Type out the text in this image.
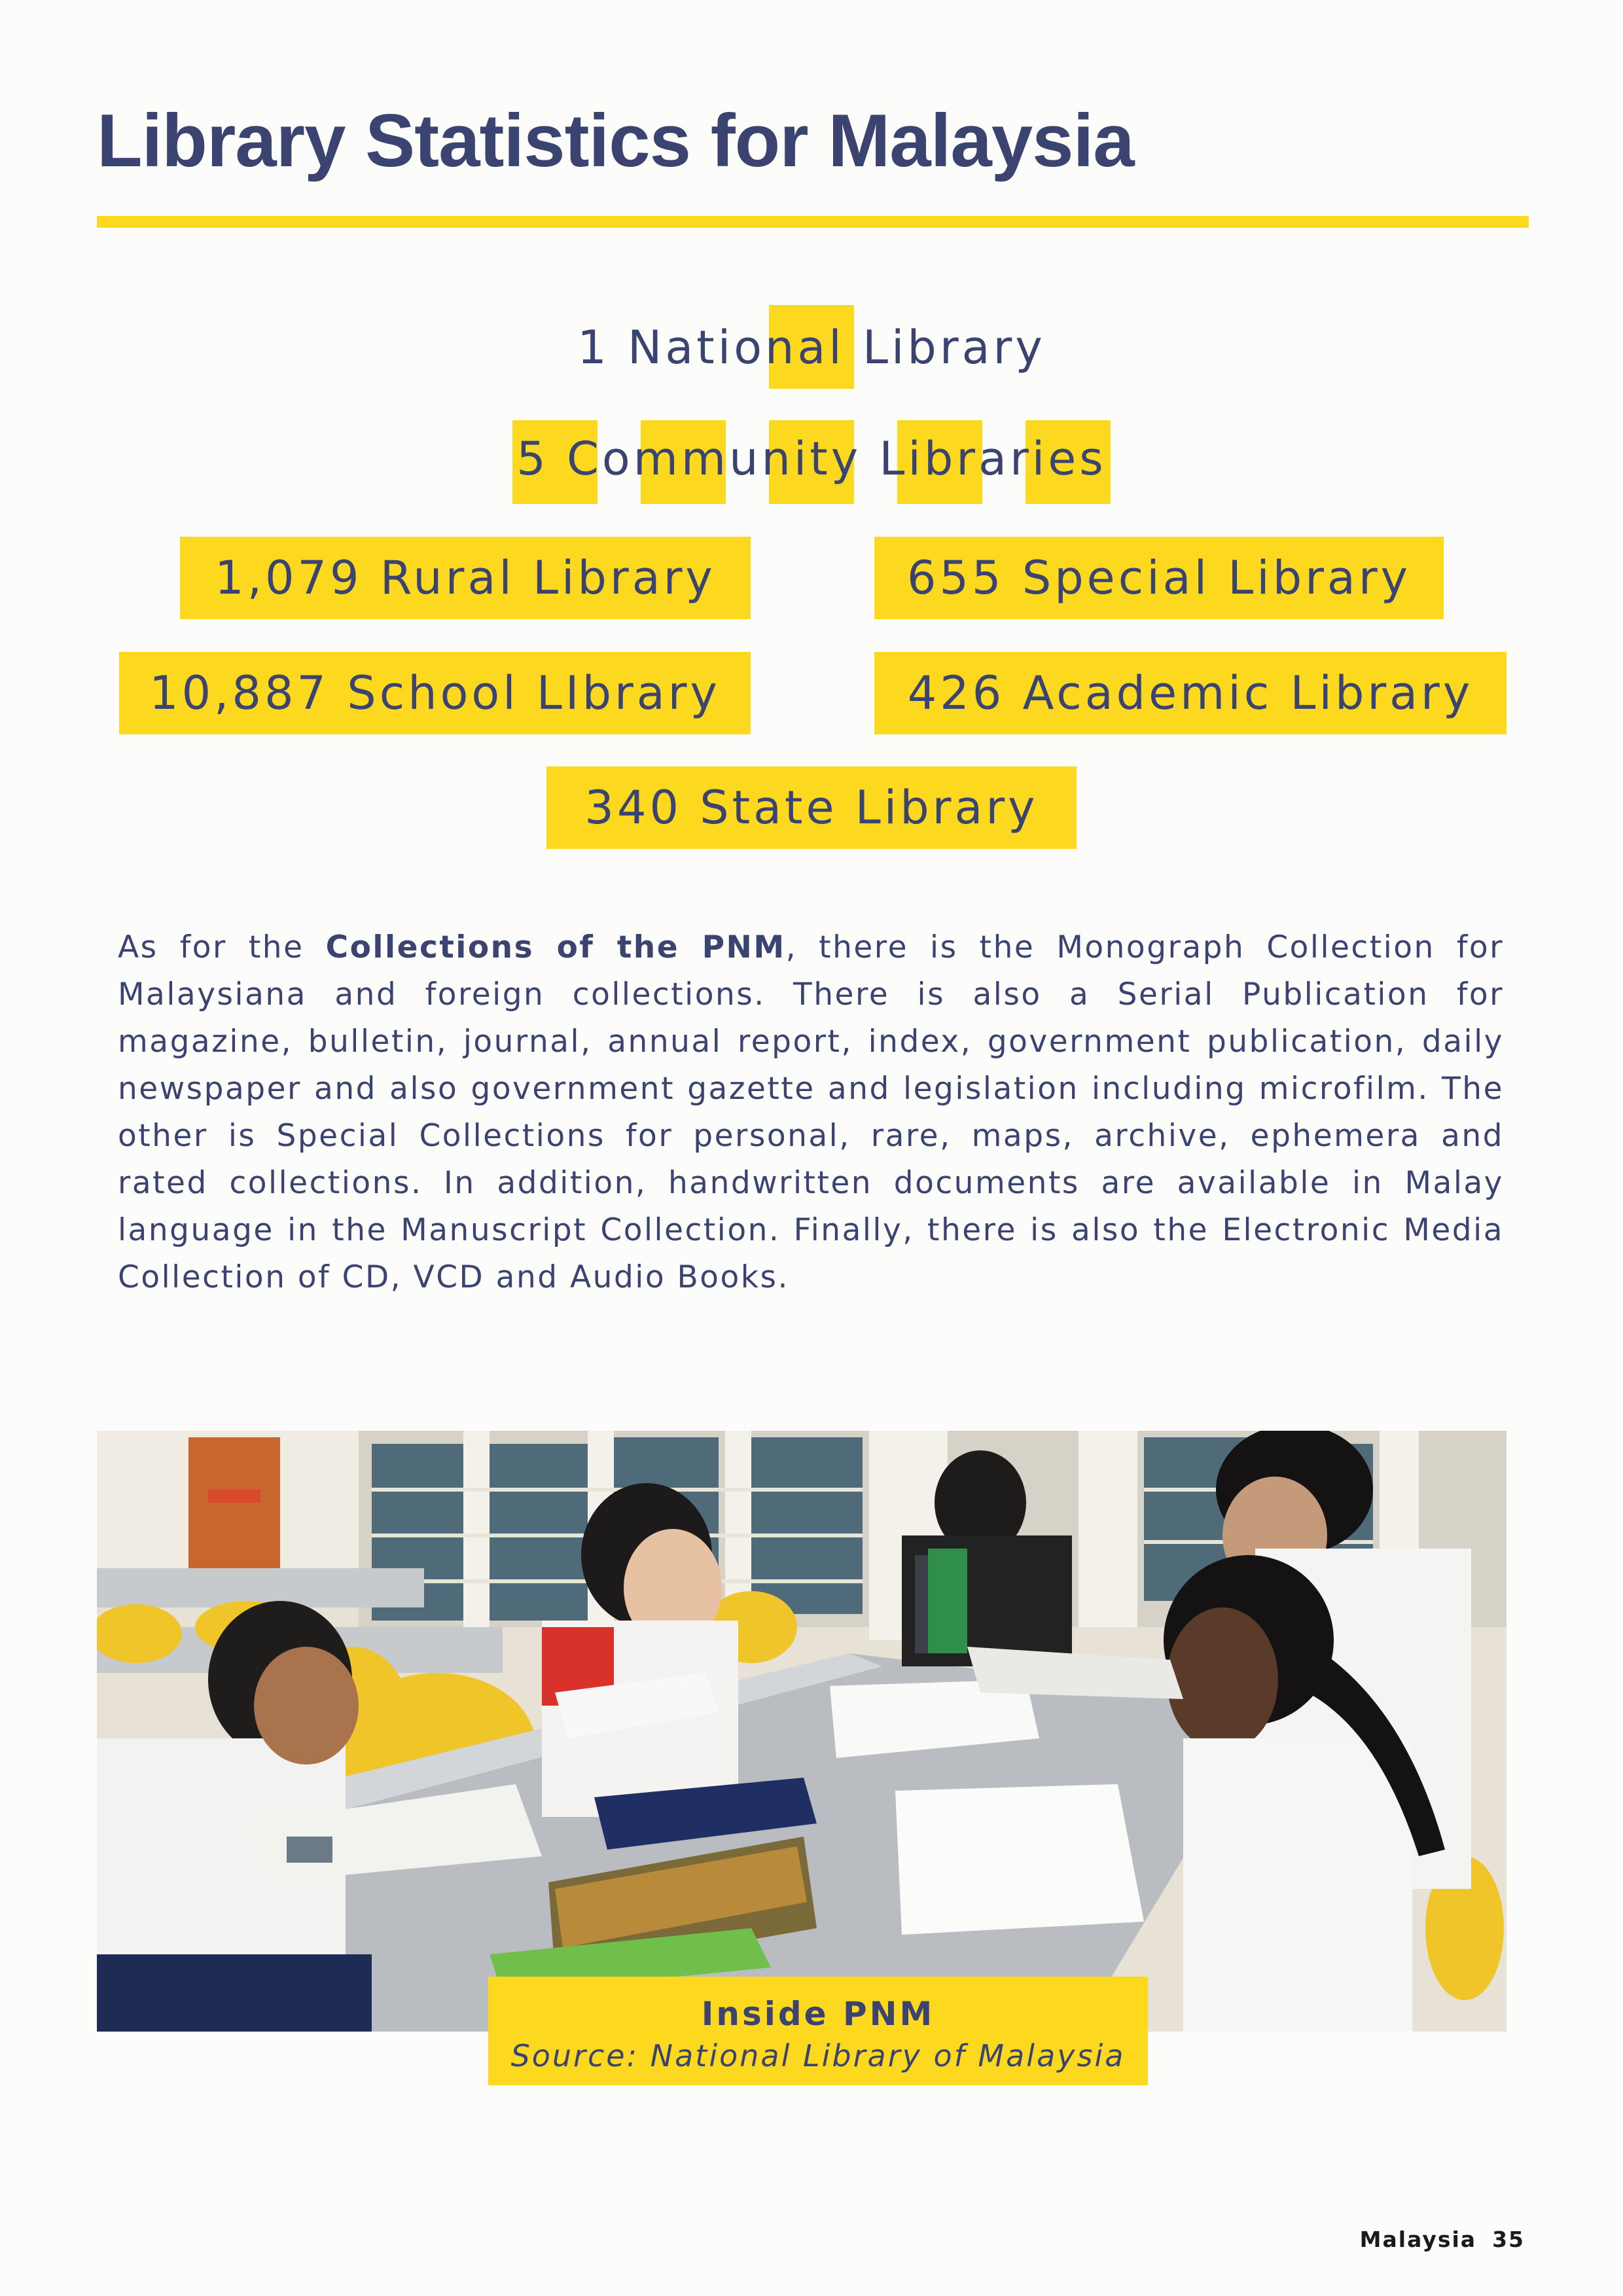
Library Statistics for Malaysia
1 National Library
5 Community Libraries
1,079 Rural Library	655 Special Library
10,887 School LIbrary	426 Academic Library
340 State Library

As for the Collections of the PNM, there is the Monograph Collection for Malaysiana and foreign collections. There is also a Serial Publication for magazine, bulletin, journal, annual report, index, government publication, daily newspaper and also government gazette and legislation including microfilm. The other is Special Collections for personal, rare, maps, archive, ephemera and rated collections. In addition, handwritten documents are available in Malay language in the Manuscript Collection. Finally, there is also the Electronic Media Collection of CD, VCD and Audio Books.

Inside PNM
Source: National Library of Malaysia
Malaysia 35
